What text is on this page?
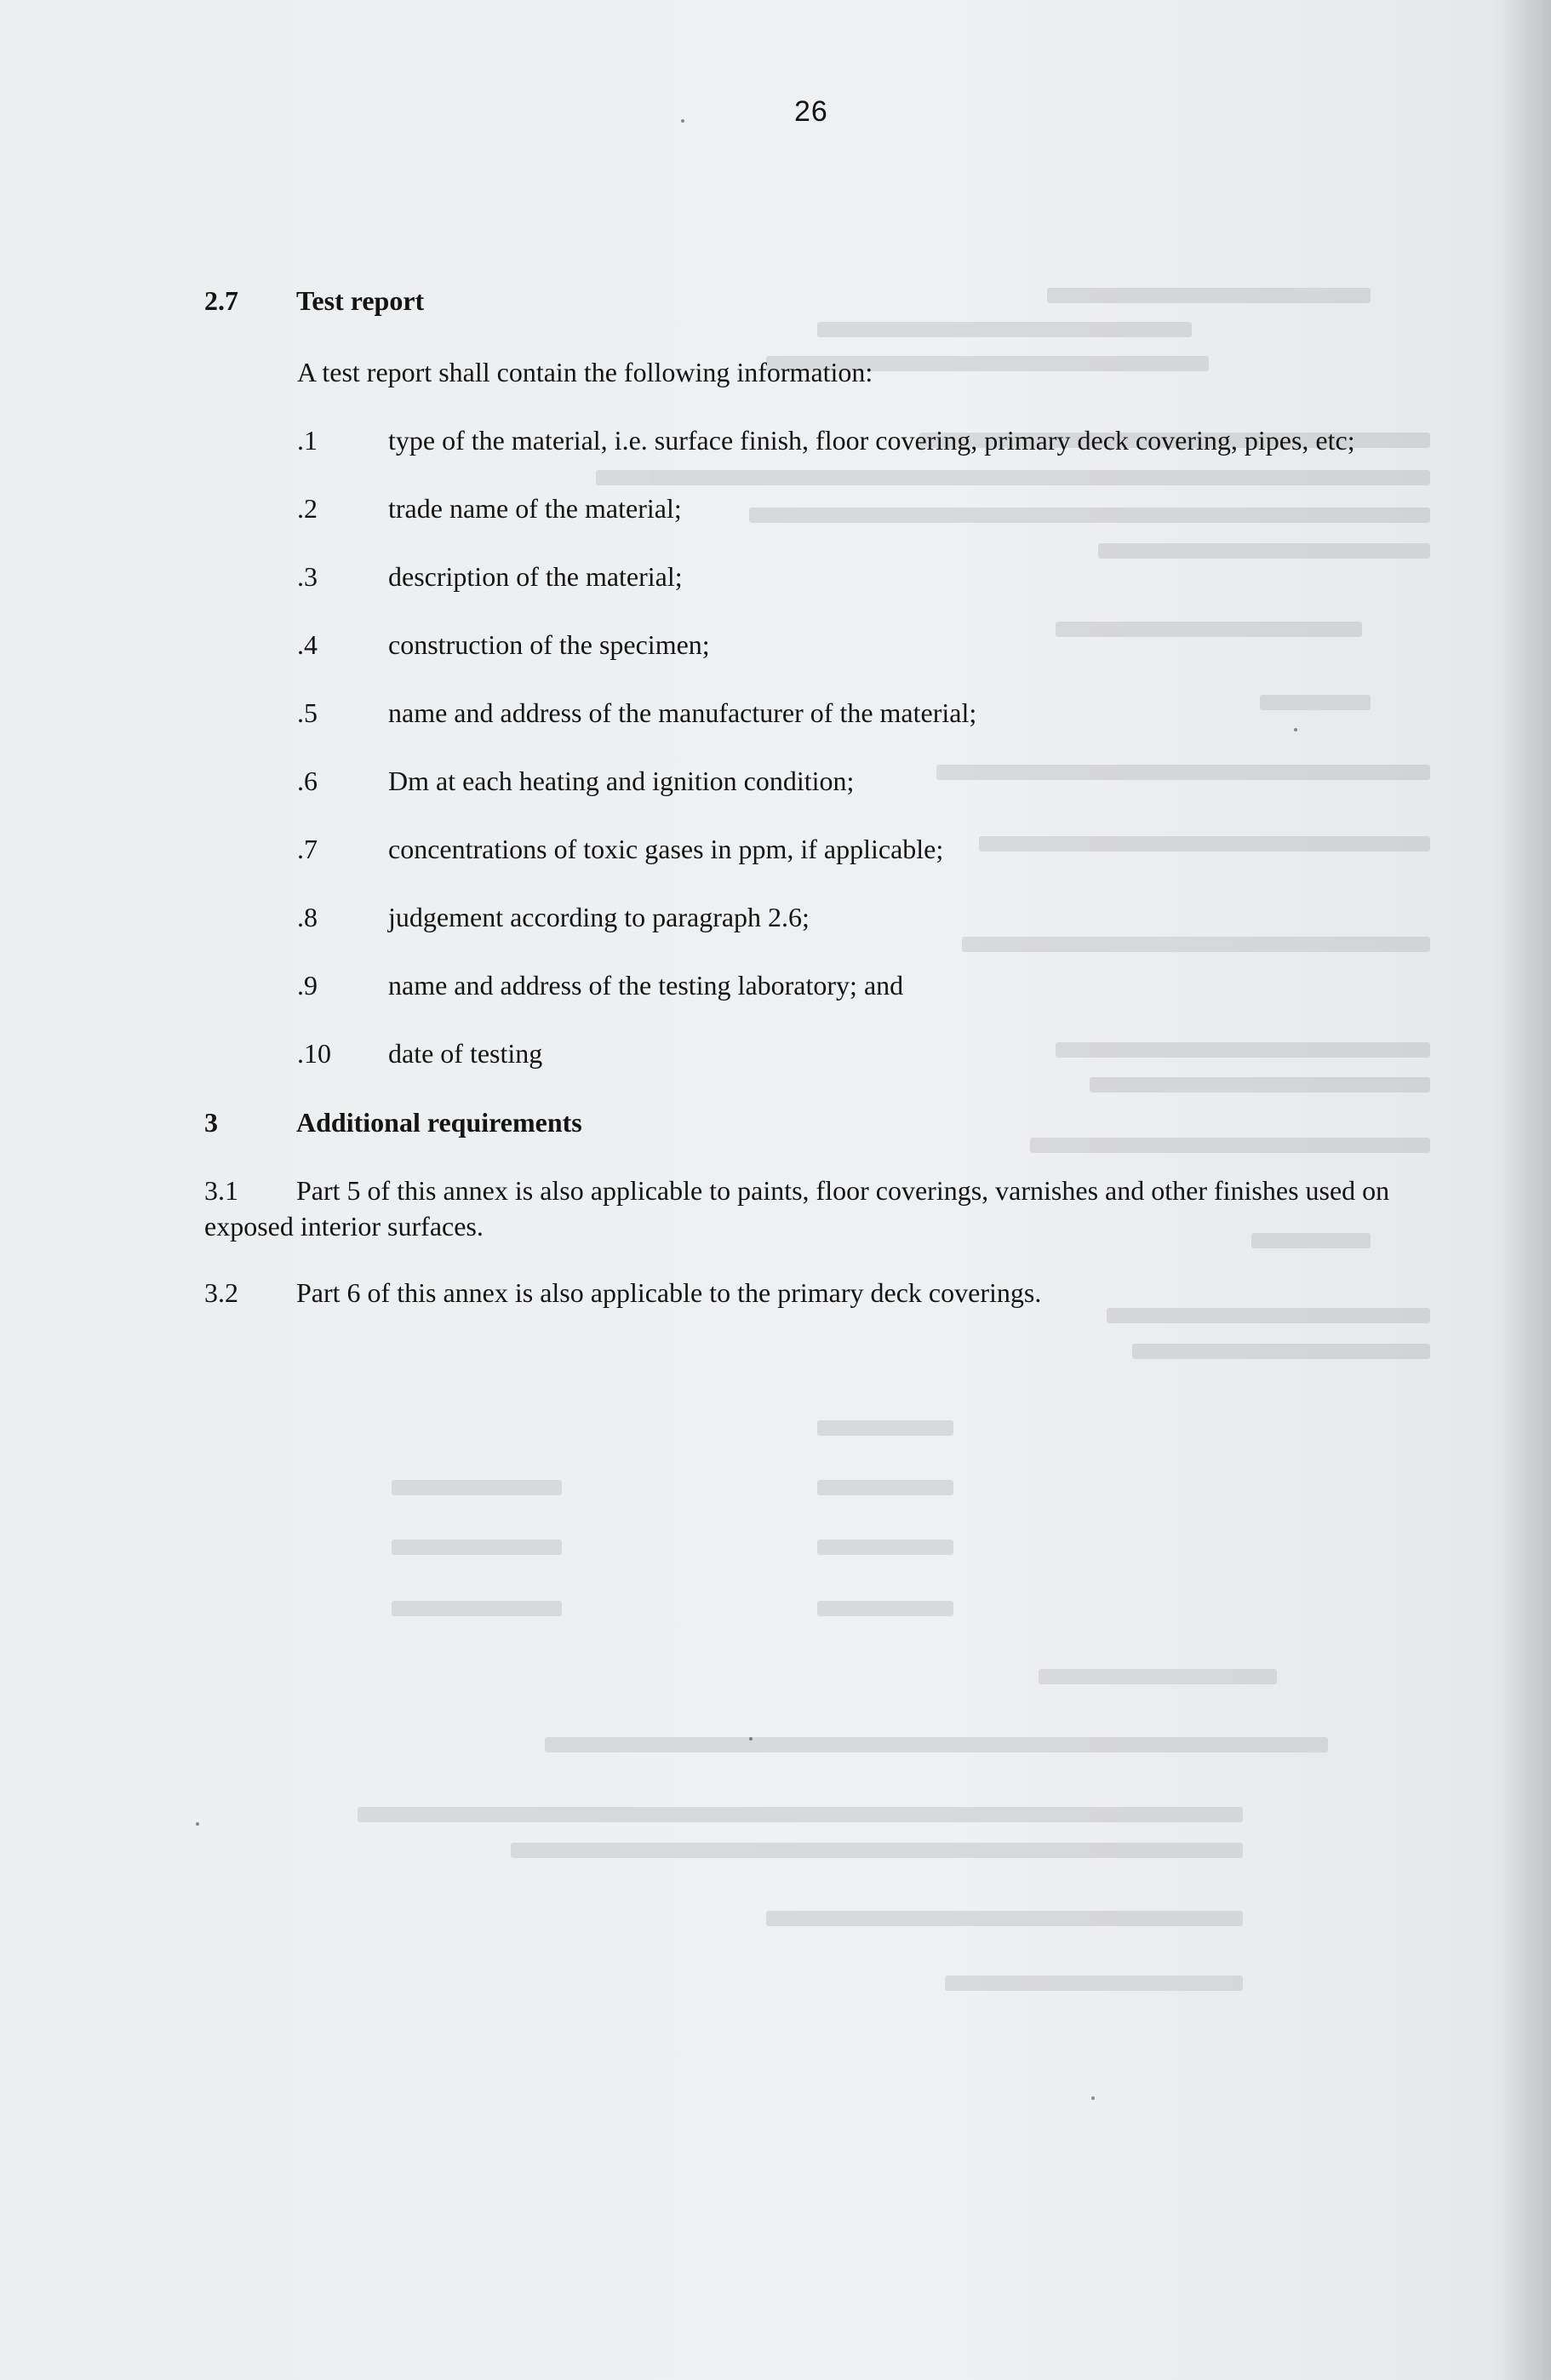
26
2.7 Test report
A test report shall contain the following information:
.1	type of the material, i.e. surface finish, floor covering, primary deck covering, pipes, etc;
.2	trade name of the material;
.3	description of the material;
.4	construction of the specimen;
.5	name and address of the manufacturer of the material;
.6	Dm at each heating and ignition condition;
.7	concentrations of toxic gases in ppm, if applicable;
.8	judgement according to paragraph 2.6;
.9	name and address of the testing laboratory; and
.10 date of testing
3	Additional requirements
3.1 Part 5 of this annex is also applicable to paints, floor coverings, varnishes and other finishes used on exposed interior surfaces.
3.2 Part 6 of this annex is also applicable to the primary deck coverings.
